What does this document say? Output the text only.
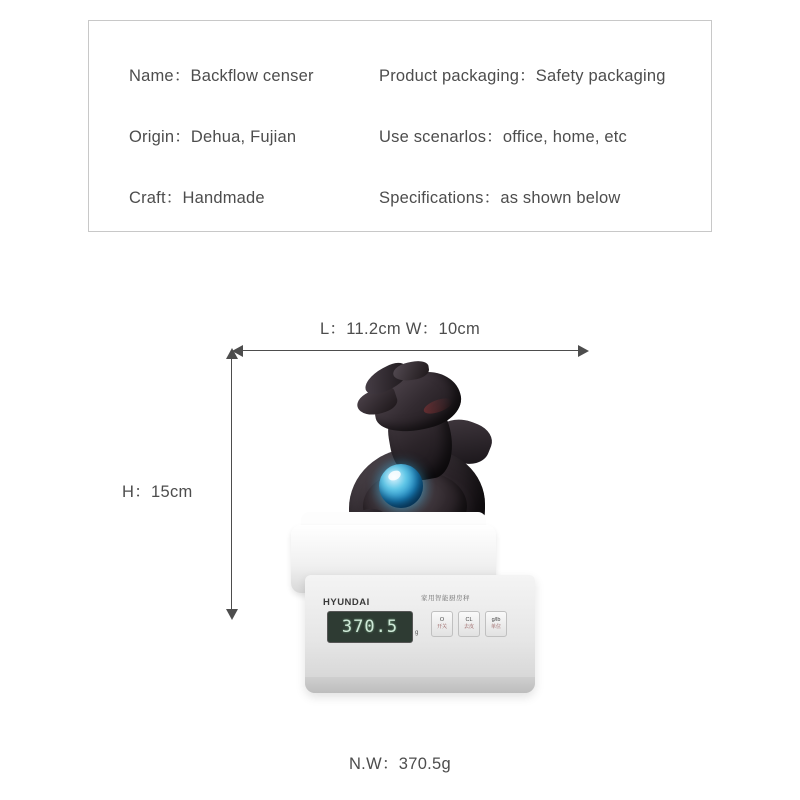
Name： Backflow censer	Product packaging： Safety packaging
Origin： Dehua, Fujian	Use scenarlos： office, home, etc
Craft： Handmade	Specifications： as shown below
L：11.2cm W：10cm
H：15cm
HYUNDAI	家用智能厨房秤
370.5	g
O
开关
CL
去皮
g/lb
单位
N.W：370.5g
